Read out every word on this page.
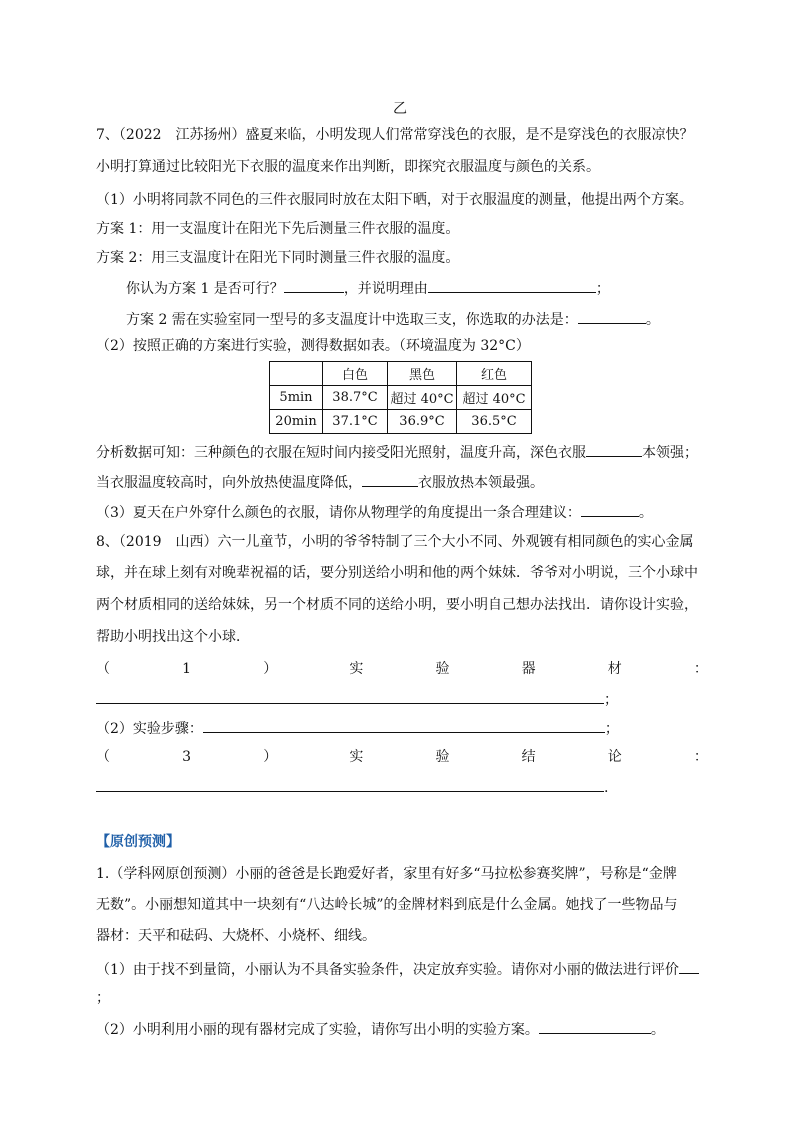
乙
7、（2022　江苏扬州）盛夏来临，小明发现人们常常穿浅色的衣服，是不是穿浅色的衣服凉快？
小明打算通过比较阳光下衣服的温度来作出判断，即探究衣服温度与颜色的关系。
（1）小明将同款不同色的三件衣服同时放在太阳下晒，对于衣服温度的测量，他提出两个方案。
方案 1：用一支温度计在阳光下先后测量三件衣服的温度。
方案 2：用三支温度计在阳光下同时测量三件衣服的温度。
你认为方案 1 是否可行？	，并说明理由	；
方案 2 需在实验室同一型号的多支温度计中选取三支，你选取的办法是：	。
（2）按照正确的方案进行实验，测得数据如表。（环境温度为 32°C）
	白色	黑色	红色
5min	38.7°C	超过 40°C	超过 40°C
20min	37.1°C	36.9°C	36.5°C
分析数据可知：三种颜色的衣服在短时间内接受阳光照射，温度升高，深色衣服	本领强；
当衣服温度较高时，向外放热使温度降低，	衣服放热本领最强。
（3）夏天在户外穿什么颜色的衣服，请你从物理学的角度提出一条合理建议：	。
8、（2019　山西）六一儿童节，小明的爷爷特制了三个大小不同、外观镀有相同颜色的实心金属
球，并在球上刻有对晚辈祝福的话，要分别送给小明和他的两个妹妹．爷爷对小明说，三个小球中
两个材质相同的送给妹妹，另一个材质不同的送给小明，要小明自己想办法找出．请你设计实验，
帮助小明找出这个小球．
（	1	）	实	验	器	材	：
；
（2）实验步骤：	；
（	3	）	实	验	结	论	：
.
【原创预测】
1.（学科网原创预测）小丽的爸爸是长跑爱好者，家里有好多“马拉松参赛奖牌”，号称是“金牌
无数”。小丽想知道其中一块刻有“八达岭长城”的金牌材料到底是什么金属。她找了一些物品与
器材：天平和砝码、大烧杯、小烧杯、细线。
（1）由于找不到量筒，小丽认为不具备实验条件，决定放弃实验。请你对小丽的做法进行评价
；
（2）小明利用小丽的现有器材完成了实验，请你写出小明的实验方案。	。
